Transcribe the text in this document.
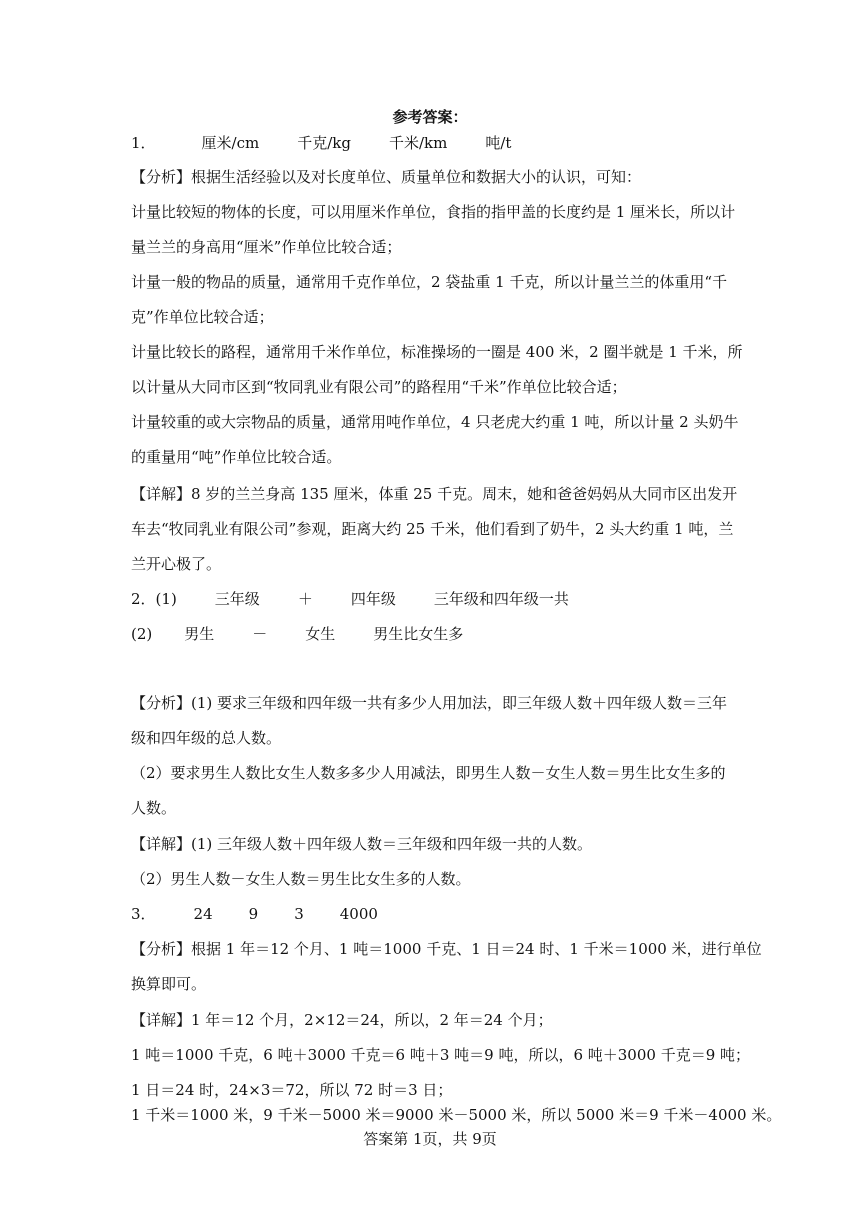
参考答案：
1．	厘米/cm	千克/kg	千米/km	吨/t
【分析】根据生活经验以及对长度单位、质量单位和数据大小的认识，可知：
计量比较短的物体的长度，可以用厘米作单位，食指的指甲盖的长度约是 1 厘米长，所以计
量兰兰的身高用“厘米”作单位比较合适；
计量一般的物品的质量，通常用千克作单位，2 袋盐重 1 千克，所以计量兰兰的体重用“千
克”作单位比较合适；
计量比较长的路程，通常用千米作单位，标准操场的一圈是 400 米，2 圈半就是 1 千米，所
以计量从大同市区到“牧同乳业有限公司”的路程用“千米”作单位比较合适；
计量较重的或大宗物品的质量，通常用吨作单位，4 只老虎大约重 1 吨，所以计量 2 头奶牛
的重量用“吨”作单位比较合适。
【详解】8 岁的兰兰身高 135 厘米，体重 25 千克。周末，她和爸爸妈妈从大同市区出发开
车去“牧同乳业有限公司”参观，距离大约 25 千米，他们看到了奶牛，2 头大约重 1 吨，兰
兰开心极了。
2．(1)	三年级	＋	四年级	三年级和四年级一共
(2) 男生	－	女生	男生比女生多
【分析】(1) 要求三年级和四年级一共有多少人用加法，即三年级人数＋四年级人数＝三年
级和四年级的总人数。
（2）要求男生人数比女生人数多多少人用减法，即男生人数－女生人数＝男生比女生多的
人数。
【详解】(1) 三年级人数＋四年级人数＝三年级和四年级一共的人数。
（2）男生人数－女生人数＝男生比女生多的人数。
3．	24 9 3 4000
【分析】根据 1 年＝12 个月、1 吨＝1000 千克、1 日＝24 时、1 千米＝1000 米，进行单位
换算即可。
【详解】1 年＝12 个月，2×12＝24，所以，2 年＝24 个月；
1 吨＝1000 千克，6 吨＋3000 千克＝6 吨＋3 吨＝9 吨，所以，6 吨＋3000 千克＝9 吨；
1 日＝24 时，24×3＝72，所以 72 时＝3 日；
1 千米＝1000 米，9 千米－5000 米＝9000 米－5000 米，所以 5000 米＝9 千米－4000 米。
答案第 1页，共 9页
